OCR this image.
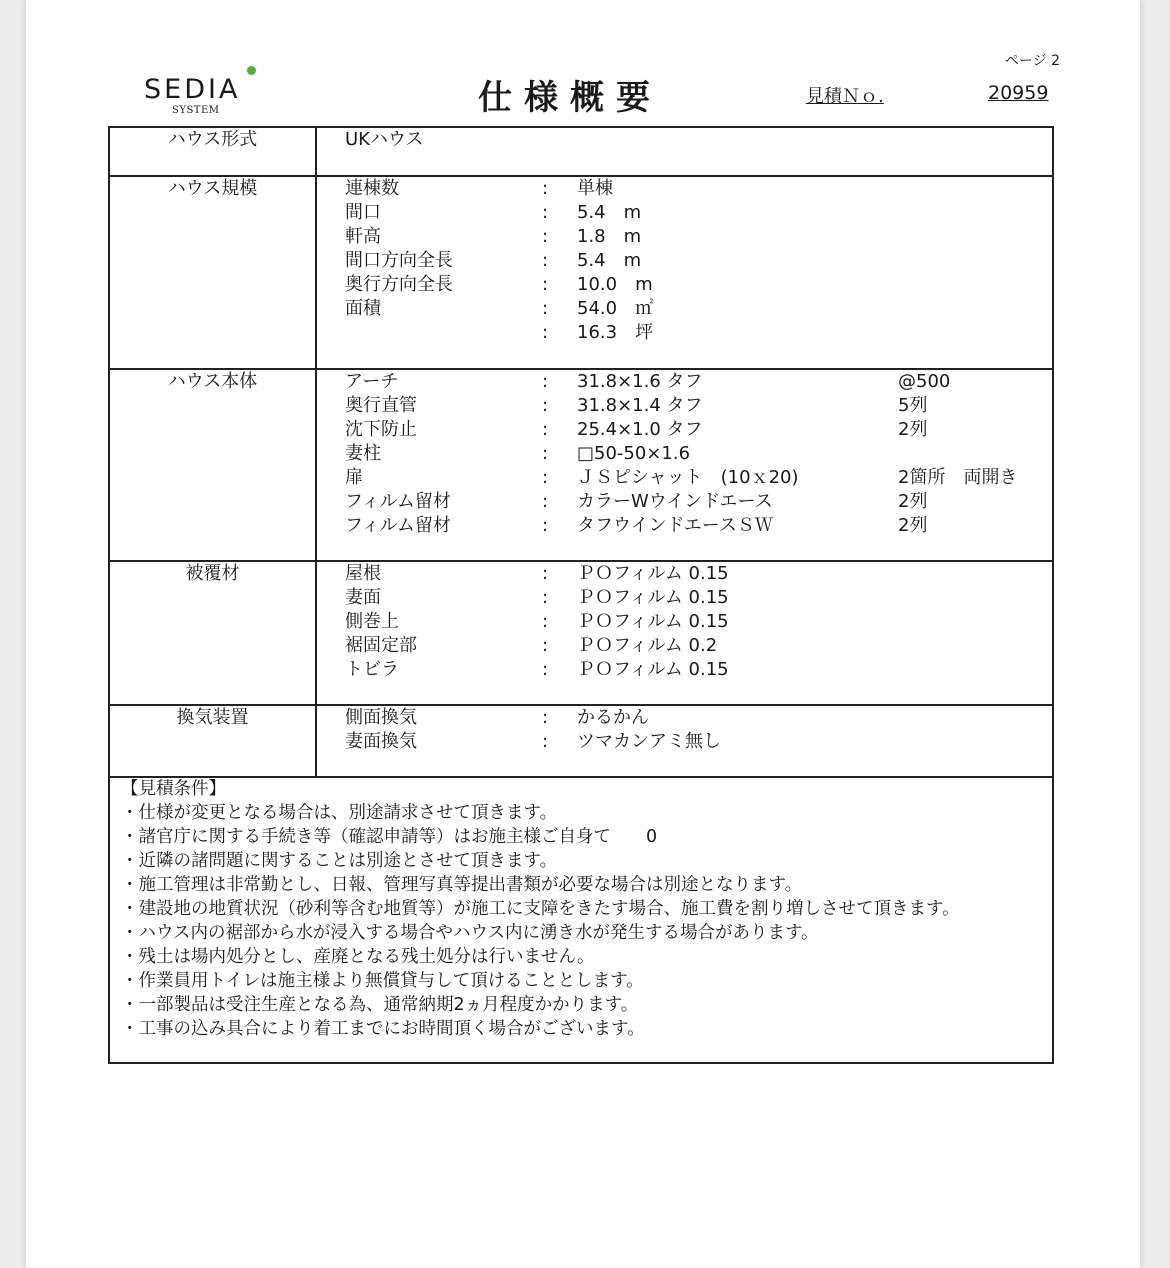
ページ 2
SEDIA
SYSTEM	仕様概要	見積Ｎｏ.	20959
ハウス形式	UKハウス
ハウス規模	連棟数	: 単棟
間口	: 5.4　m
軒高	: 1.8　m
間口方向全長	: 5.4　m
奥行方向全長	: 10.0　m
面積	: 54.0　㎡
: 16.3　坪
ハウス本体	アーチ	: 31.8×1.6 タフ	@500
奥行直管	: 31.8×1.4 タフ	5列
沈下防止	: 25.4×1.0 タフ	2列
妻柱	: □50-50×1.6
扉	: ＪＳピシャット　(10ｘ20)	2箇所　両開き
フィルム留材	: カラーWウインドエース	2列
フィルム留材	: タフウインドエースＳＷ	2列
被覆材	屋根	: ＰＯフィルム 0.15
妻面	: ＰＯフィルム 0.15
側巻上	: ＰＯフィルム 0.15
裾固定部	: ＰＯフィルム 0.2
トビラ	: ＰＯフィルム 0.15
換気装置	側面換気	: かるかん
妻面換気	: ツマカンアミ無し
【見積条件】
・仕様が変更となる場合は、別途請求させて頂きます。
・諸官庁に関する手続き等（確認申請等）はお施主様ご自身て　　0
・近隣の諸問題に関することは別途とさせて頂きます。
・施工管理は非常勤とし、日報、管理写真等提出書類が必要な場合は別途となります。
・建設地の地質状況（砂利等含む地質等）が施工に支障をきたす場合、施工費を割り増しさせて頂きます。
・ハウス内の裾部から水が浸入する場合やハウス内に湧き水が発生する場合があります。
・残土は場内処分とし、産廃となる残土処分は行いません。
・作業員用トイレは施主様より無償貸与して頂けることとします。
・一部製品は受注生産となる為、通常納期2ヵ月程度かかります。
・工事の込み具合により着工までにお時間頂く場合がございます。
